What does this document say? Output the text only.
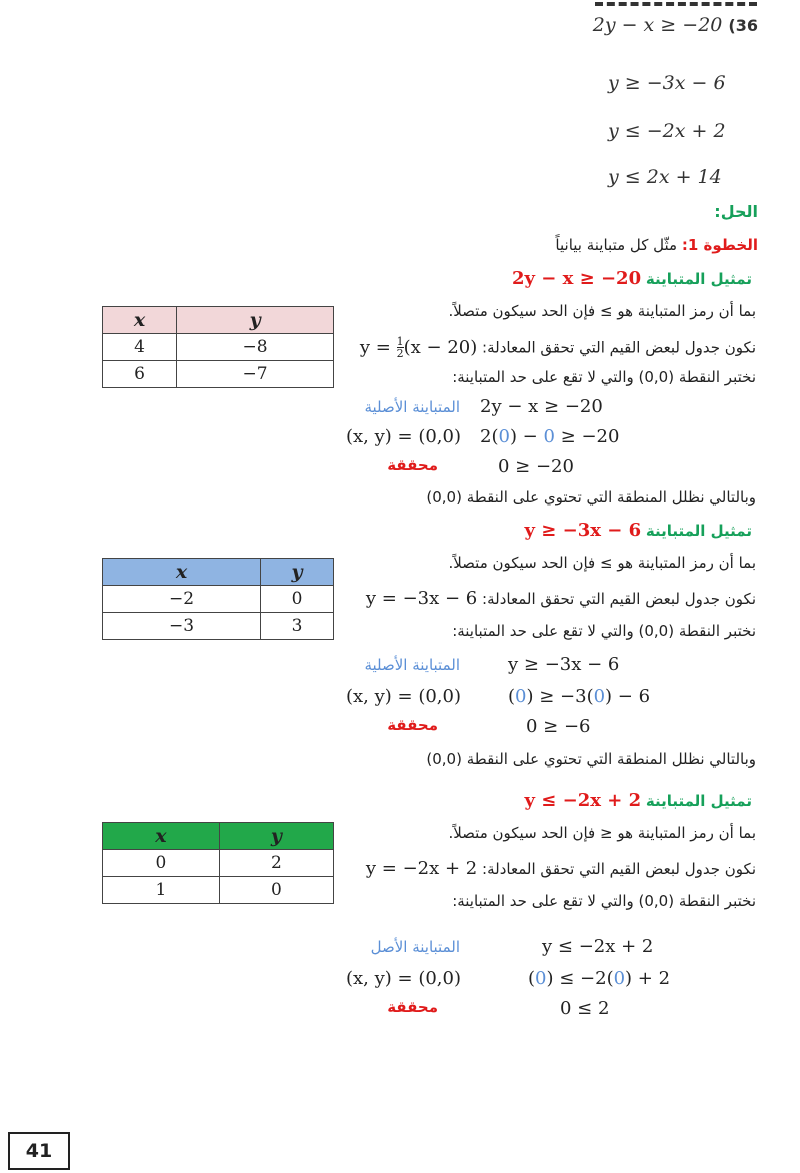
2y − x ≥ −20 (36
y ≥ −3x − 6
y ≤ −2x + 2
y ≤ 2x + 14
الحل:
الخطوة 1: مثّل كل متباينة بيانياً
تمثيل المتباينة 2y − x ≥ −20
بما أن رمز المتباينة هو ≥ فإن الحد سيكون متصلاً.
نكون جدول لبعض القيم التي تحقق المعادلة: $y = \frac{1}{2} (x - 20)$
نختبر النقطة (0,0) والتي لا تقع على حد المتباينة:
المتباينة الأصلية 2y − x ≥ −20
(x, y) = (0,0) 2(0) − 0 ≥ −20
محققة	0 ≥ −20
وبالتالي نظلل المنطقة التي تحتوي على النقطة (0,0)
x	y
4	−8
6	−7
تمثيل المتباينة y ≥ −3x − 6
بما أن رمز المتباينة هو ≥ فإن الحد سيكون متصلاً.
نكون جدول لبعض القيم التي تحقق المعادلة: y = −3x − 6
نختبر النقطة (0,0) والتي لا تقع على حد المتباينة:
المتباينة الأصلية	y ≥ −3x − 6
(x, y) = (0,0)	(0) ≥ −3(0) − 6
محققة	0 ≥ −6
وبالتالي نظلل المنطقة التي تحتوي على النقطة (0,0)
x	y
−2	0
−3	3
تمثيل المتباينة y ≤ −2x + 2
بما أن رمز المتباينة هو ≤ فإن الحد سيكون متصلاً.
نكون جدول لبعض القيم التي تحقق المعادلة: y = −2x + 2
نختبر النقطة (0,0) والتي لا تقع على حد المتباينة:
المتباينة الأصل	y ≤ −2x + 2
(x, y) = (0,0)	(0) ≤ −2(0) + 2
محققة	0 ≤ 2
x	y
0	2
1	0
41
